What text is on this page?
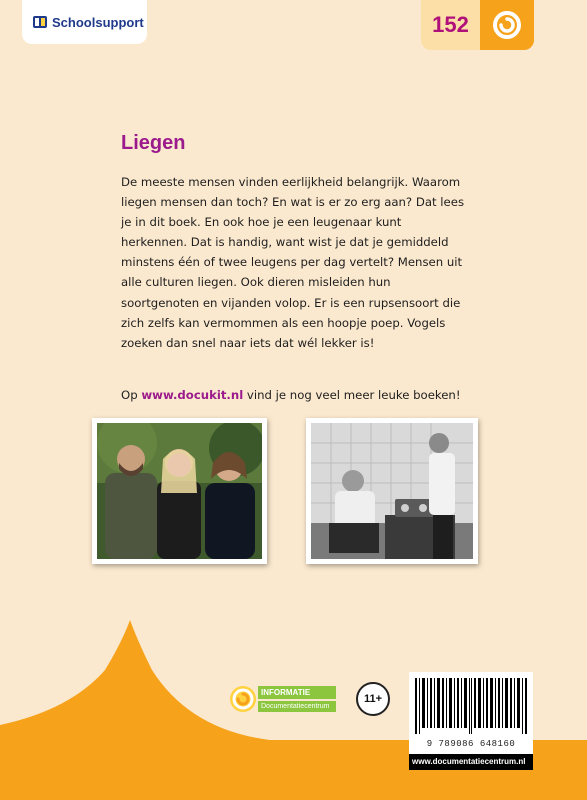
Schoolsupport	152
Liegen

De meeste mensen vinden eerlijkheid belangrijk. Waarom liegen mensen dan toch? En wat is er zo erg aan? Dat lees je in dit boek. En ook hoe je een leugenaar kunt herkennen. Dat is handig, want wist je dat je gemiddeld minstens één of twee leugens per dag vertelt? Mensen uit alle culturen liegen. Ook dieren misleiden hun soortgenoten en vijanden volop. Er is een rupsensoort die zich zelfs kan vermommen als een hoopje poep. Vogels zoeken dan snel naar iets dat wél lekker is!

Op www.docukit.nl vind je nog veel meer leuke boeken!

INFORMATIE
Documentatiecentrum
11+
9 789086 648160
www.documentatiecentrum.nl
